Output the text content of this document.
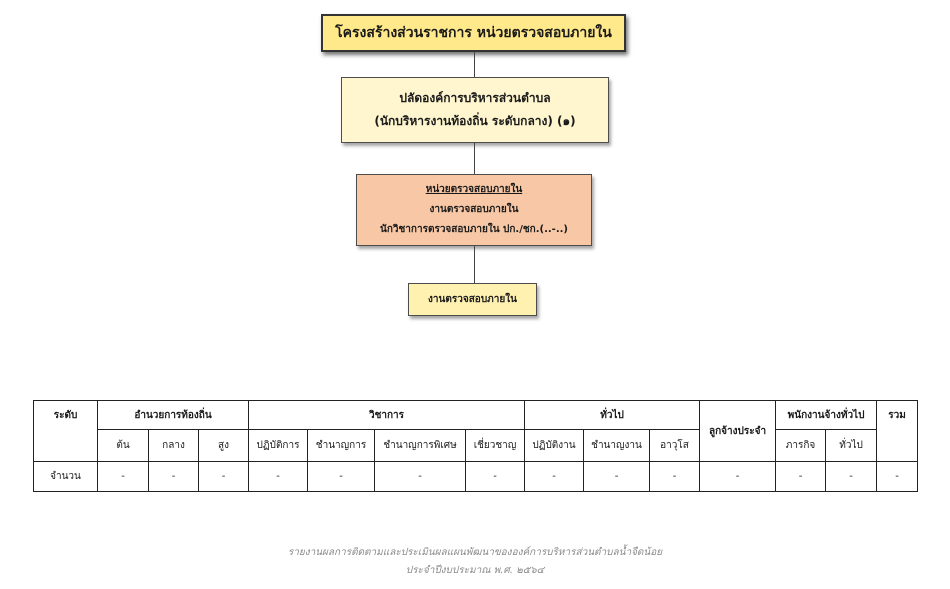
โครงสร้างส่วนราชการ หน่วยตรวจสอบภายใน
ปลัดองค์การบริหารส่วนตำบล
(นักบริหารงานท้องถิ่น ระดับกลาง) (๑)
หน่วยตรวจสอบภายใน
งานตรวจสอบภายใน
นักวิชาการตรวจสอบภายใน ปก./ชก.(..-..)
งานตรวจสอบภายใน
ระดับ	อำนวยการท้องถิ่น			วิชาการ				ทั่วไป			ลูกจ้างประจำ	พนักงานจ้างทั่วไป		รวม
	ต้น	กลาง	สูง	ปฏิบัติการ	ชำนาญการ	ชำนาญการพิเศษ	เชี่ยวชาญ	ปฏิบัติงาน	ชำนาญงาน	อาวุโส		ภารกิจ	ทั่วไป	
จำนวน	-	-	-	-	-	-	-	-	-	-	-	-	-	-
รายงานผลการติดตามและประเมินผลแผนพัฒนาขององค์การบริหารส่วนตำบลน้ำจืดน้อย
ประจำปีงบประมาณ พ.ศ. ๒๕๖๔
